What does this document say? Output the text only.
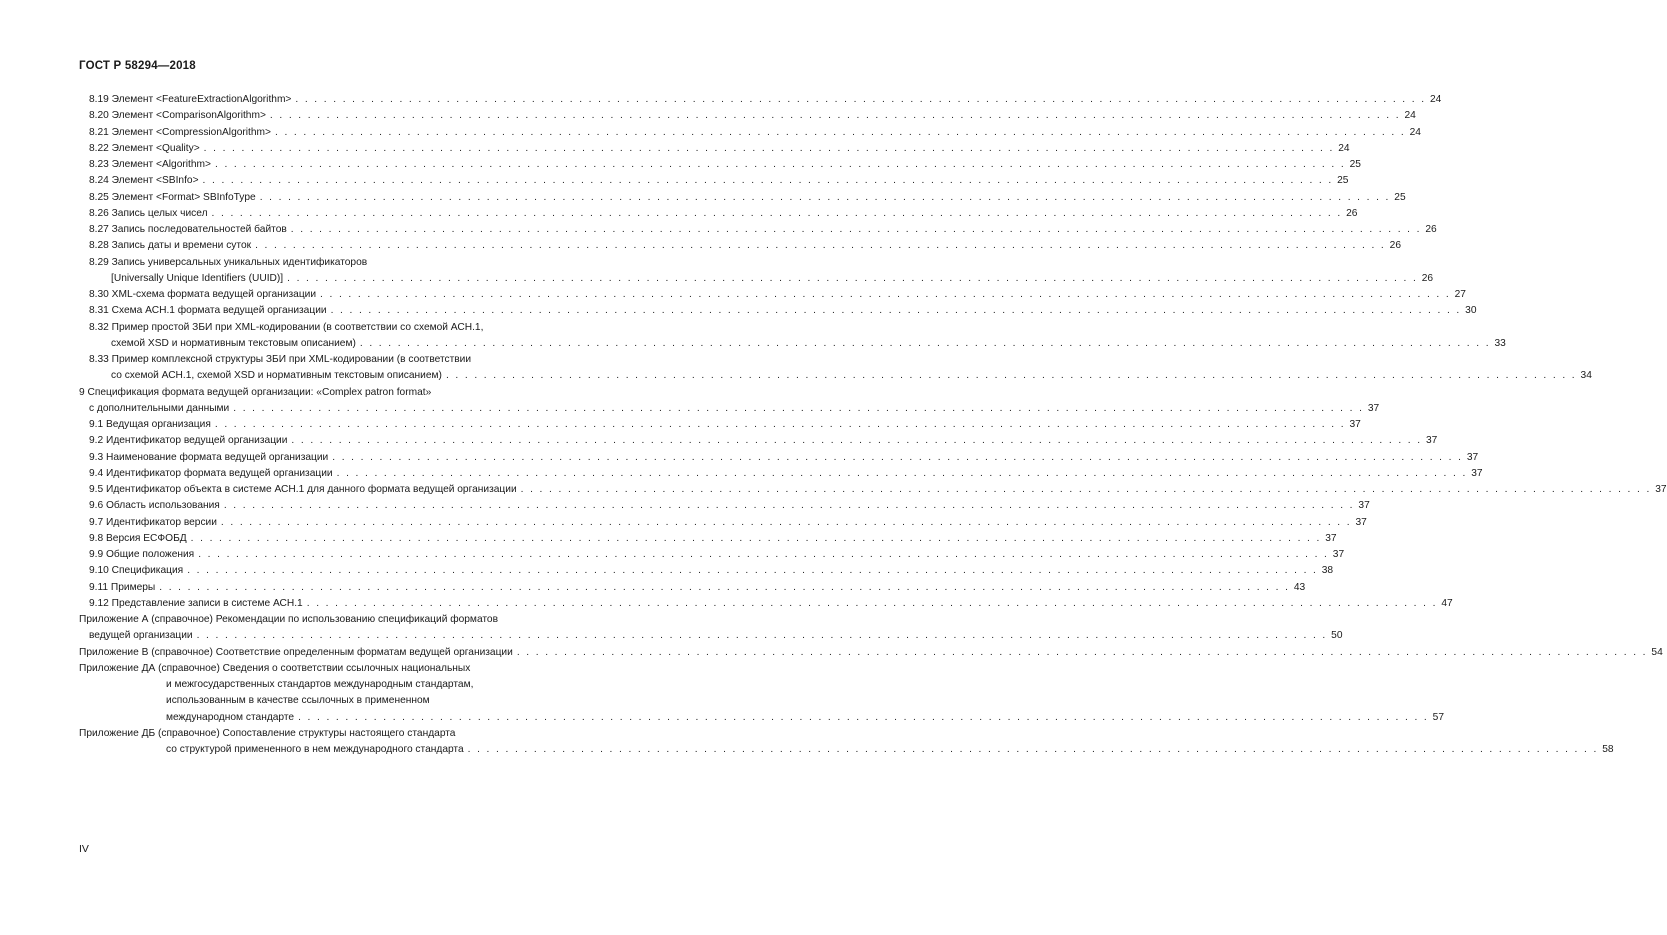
ГОСТ Р 58294—2018
8.19 Элемент <FeatureExtractionAlgorithm> . . . . . . . . . . . . . . . . . . . . . . . . . . . . . . . . . . . . . . . . . . . . . . . . . . . . . . . . . . . . . . . . . . . . . . . . . . . . . . . . . . . . . . . . . . . . . . . . . . . . . . . . . . . . . . . . . . . . . . . . 24
8.20 Элемент <ComparisonAlgorithm> . . . . . . . . . . . . . . . . . . . . . . . . . . . . . . . . . . . . . . . . . . . . . . . . . . . . . . . . . . . . . . . . . . . . . . . . . . . . . . . . . . . . . . . . . . . . . . . . . . . . . . . . . . . . . . . . . . . . . . . . 24
8.21 Элемент <CompressionAlgorithm> . . . . . . . . . . . . . . . . . . . . . . . . . . . . . . . . . . . . . . . . . . . . . . . . . . . . . . . . . . . . . . . . . . . . . . . . . . . . . . . . . . . . . . . . . . . . . . . . . . . . . . . . . . . . . . . . . . . . . . . . 24
8.22 Элемент <Quality> . . . . . . . . . . . . . . . . . . . . . . . . . . . . . . . . . . . . . . . . . . . . . . . . . . . . . . . . . . . . . . . . . . . . . . . . . . . . . . . . . . . . . . . . . . . . . . . . . . . . . . . . . . . . . . . . . . . . . . . . 24
8.23 Элемент <Algorithm> . . . . . . . . . . . . . . . . . . . . . . . . . . . . . . . . . . . . . . . . . . . . . . . . . . . . . . . . . . . . . . . . . . . . . . . . . . . . . . . . . . . . . . . . . . . . . . . . . . . . . . . . . . . . . . . . . . . . . . . . 25
8.24 Элемент <SBInfo> . . . . . . . . . . . . . . . . . . . . . . . . . . . . . . . . . . . . . . . . . . . . . . . . . . . . . . . . . . . . . . . . . . . . . . . . . . . . . . . . . . . . . . . . . . . . . . . . . . . . . . . . . . . . . . . . . . . . . . . . 25
8.25 Элемент <Format> SBInfoType . . . . . . . . . . . . . . . . . . . . . . . . . . . . . . . . . . . . . . . . . . . . . . . . . . . . . . . . . . . . . . . . . . . . . . . . . . . . . . . . . . . . . . . . . . . . . . . . . . . . . . . . . . . . . . . . . . . . . . . . 25
8.26 Запись целых чисел . . . . . . . . . . . . . . . . . . . . . . . . . . . . . . . . . . . . . . . . . . . . . . . . . . . . . . . . . . . . . . . . . . . . . . . . . . . . . . . . . . . . . . . . . . . . . . . . . . . . . . . . . . . . . . . . . . . . . . . . 26
8.27 Запись последовательностей байтов . . . . . . . . . . . . . . . . . . . . . . . . . . . . . . . . . . . . . . . . . . . . . . . . . . . . . . . . . . . . . . . . . . . . . . . . . . . . . . . . . . . . . . . . . . . . . . . . . . . . . . . . . . . . . . . . . . . . . . . . 26
8.28 Запись даты и времени суток . . . . . . . . . . . . . . . . . . . . . . . . . . . . . . . . . . . . . . . . . . . . . . . . . . . . . . . . . . . . . . . . . . . . . . . . . . . . . . . . . . . . . . . . . . . . . . . . . . . . . . . . . . . . . . . . . . . . . . . . 26
8.29 Запись универсальных уникальных идентификаторов
[Universally Unique Identifiers (UUID)] . . . . . . . . . . . . . . . . . . . . . . . . . . . . . . . . . . . . . . . . . . . . . . . . . . . . . . . . . . . . . . . . . . . . . . . . . . . . . . . . . . . . . . . . . . . . . . . . . . . . . . . . . . . . . . . . . . . . . . . . 26
8.30 XML-схема формата ведущей организации . . . . . . . . . . . . . . . . . . . . . . . . . . . . . . . . . . . . . . . . . . . . . . . . . . . . . . . . . . . . . . . . . . . . . . . . . . . . . . . . . . . . . . . . . . . . . . . . . . . . . . . . . . . . . . . . . . . . . . . . 27
8.31 Схема АСН.1 формата ведущей организации . . . . . . . . . . . . . . . . . . . . . . . . . . . . . . . . . . . . . . . . . . . . . . . . . . . . . . . . . . . . . . . . . . . . . . . . . . . . . . . . . . . . . . . . . . . . . . . . . . . . . . . . . . . . . . . . . . . . . . . . 30
8.32 Пример простой ЗБИ при XML-кодировании (в соответствии со схемой АСН.1,
схемой XSD и нормативным текстовым описанием) . . . . . . . . . . . . . . . . . . . . . . . . . . . . . . . . . . . . . . . . . . . . . . . . . . . . . . . . . . . . . . . . . . . . . . . . . . . . . . . . . . . . . . . . . . . . . . . . . . . . . . . . . . . . . . . . . . . . . . . . 33
8.33 Пример комплексной структуры ЗБИ при XML-кодировании (в соответствии
со схемой АСН.1, схемой XSD и нормативным текстовым описанием) . . . . . . . . . . . . . . . . . . . . . . . . . . . . . . . . . . . . . . . . . . . . . . . . . . . . . . . . . . . . . . . . . . . . . . . . . . . . . . . . . . . . . . . . . . . . . . . . . . . . . . . . . . . . . . . . . . . . . . . . 34
9 Спецификация формата ведущей организации: «Complex patron format»
с дополнительными данными . . . . . . . . . . . . . . . . . . . . . . . . . . . . . . . . . . . . . . . . . . . . . . . . . . . . . . . . . . . . . . . . . . . . . . . . . . . . . . . . . . . . . . . . . . . . . . . . . . . . . . . . . . . . . . . . . . . . . . . . 37
9.1 Ведущая организация . . . . . . . . . . . . . . . . . . . . . . . . . . . . . . . . . . . . . . . . . . . . . . . . . . . . . . . . . . . . . . . . . . . . . . . . . . . . . . . . . . . . . . . . . . . . . . . . . . . . . . . . . . . . . . . . . . . . . . . . 37
9.2 Идентификатор ведущей организации . . . . . . . . . . . . . . . . . . . . . . . . . . . . . . . . . . . . . . . . . . . . . . . . . . . . . . . . . . . . . . . . . . . . . . . . . . . . . . . . . . . . . . . . . . . . . . . . . . . . . . . . . . . . . . . . . . . . . . . . 37
9.3 Наименование формата ведущей организации . . . . . . . . . . . . . . . . . . . . . . . . . . . . . . . . . . . . . . . . . . . . . . . . . . . . . . . . . . . . . . . . . . . . . . . . . . . . . . . . . . . . . . . . . . . . . . . . . . . . . . . . . . . . . . . . . . . . . . . . 37
9.4 Идентификатор формата ведущей организации . . . . . . . . . . . . . . . . . . . . . . . . . . . . . . . . . . . . . . . . . . . . . . . . . . . . . . . . . . . . . . . . . . . . . . . . . . . . . . . . . . . . . . . . . . . . . . . . . . . . . . . . . . . . . . . . . . . . . . . . 37
9.5 Идентификатор объекта в системе АСН.1 для данного формата ведущей организации . . . . . . . . . . . . . . . . . . . . . . . . . . . . . . . . . . . . . . . . . . . . . . . . . . . . . . . . . . . . . . . . . . . . . . . . . . . . . . . . . . . . . . . . . . . . . . . . . . . . . . . . . . . . . . . . . . . . . . . . 37
9.6 Область использования . . . . . . . . . . . . . . . . . . . . . . . . . . . . . . . . . . . . . . . . . . . . . . . . . . . . . . . . . . . . . . . . . . . . . . . . . . . . . . . . . . . . . . . . . . . . . . . . . . . . . . . . . . . . . . . . . . . . . . . . 37
9.7 Идентификатор версии . . . . . . . . . . . . . . . . . . . . . . . . . . . . . . . . . . . . . . . . . . . . . . . . . . . . . . . . . . . . . . . . . . . . . . . . . . . . . . . . . . . . . . . . . . . . . . . . . . . . . . . . . . . . . . . . . . . . . . . . 37
9.8 Версия ЕСФОБД . . . . . . . . . . . . . . . . . . . . . . . . . . . . . . . . . . . . . . . . . . . . . . . . . . . . . . . . . . . . . . . . . . . . . . . . . . . . . . . . . . . . . . . . . . . . . . . . . . . . . . . . . . . . . . . . . . . . . . . . 37
9.9 Общие положения . . . . . . . . . . . . . . . . . . . . . . . . . . . . . . . . . . . . . . . . . . . . . . . . . . . . . . . . . . . . . . . . . . . . . . . . . . . . . . . . . . . . . . . . . . . . . . . . . . . . . . . . . . . . . . . . . . . . . . . . 37
9.10 Спецификация . . . . . . . . . . . . . . . . . . . . . . . . . . . . . . . . . . . . . . . . . . . . . . . . . . . . . . . . . . . . . . . . . . . . . . . . . . . . . . . . . . . . . . . . . . . . . . . . . . . . . . . . . . . . . . . . . . . . . . . . 38
9.11 Примеры . . . . . . . . . . . . . . . . . . . . . . . . . . . . . . . . . . . . . . . . . . . . . . . . . . . . . . . . . . . . . . . . . . . . . . . . . . . . . . . . . . . . . . . . . . . . . . . . . . . . . . . . . . . . . . . . . . . . . . . . 43
9.12 Представление записи в системе АСН.1 . . . . . . . . . . . . . . . . . . . . . . . . . . . . . . . . . . . . . . . . . . . . . . . . . . . . . . . . . . . . . . . . . . . . . . . . . . . . . . . . . . . . . . . . . . . . . . . . . . . . . . . . . . . . . . . . . . . . . . . . 47
Приложение А (справочное) Рекомендации по использованию спецификаций форматов
ведущей организации . . . . . . . . . . . . . . . . . . . . . . . . . . . . . . . . . . . . . . . . . . . . . . . . . . . . . . . . . . . . . . . . . . . . . . . . . . . . . . . . . . . . . . . . . . . . . . . . . . . . . . . . . . . . . . . . . . . . . . . . 50
Приложение В (справочное) Соответствие определенным форматам ведущей организации . . . . . . . . . . . . . . . . . . . . . . . . . . . . . . . . . . . . . . . . . . . . . . . . . . . . . . . . . . . . . . . . . . . . . . . . . . . . . . . . . . . . . . . . . . . . . . . . . . . . . . . . . . . . . . . . . . . . . . . . 54
Приложение ДА (справочное) Сведения о соответствии ссылочных национальных
и межгосударственных стандартов международным стандартам,
использованным в качестве ссылочных в примененном
международном стандарте . . . . . . . . . . . . . . . . . . . . . . . . . . . . . . . . . . . . . . . . . . . . . . . . . . . . . . . . . . . . . . . . . . . . . . . . . . . . . . . . . . . . . . . . . . . . . . . . . . . . . . . . . . . . . . . . . . . . . . . . 57
Приложение ДБ (справочное) Сопоставление структуры настоящего стандарта
со структурой примененного в нем международного стандарта . . . . . . . . . . . . . . . . . . . . . . . . . . . . . . . . . . . . . . . . . . . . . . . . . . . . . . . . . . . . . . . . . . . . . . . . . . . . . . . . . . . . . . . . . . . . . . . . . . . . . . . . . . . . . . . . . . . . . . . . 58
IV
